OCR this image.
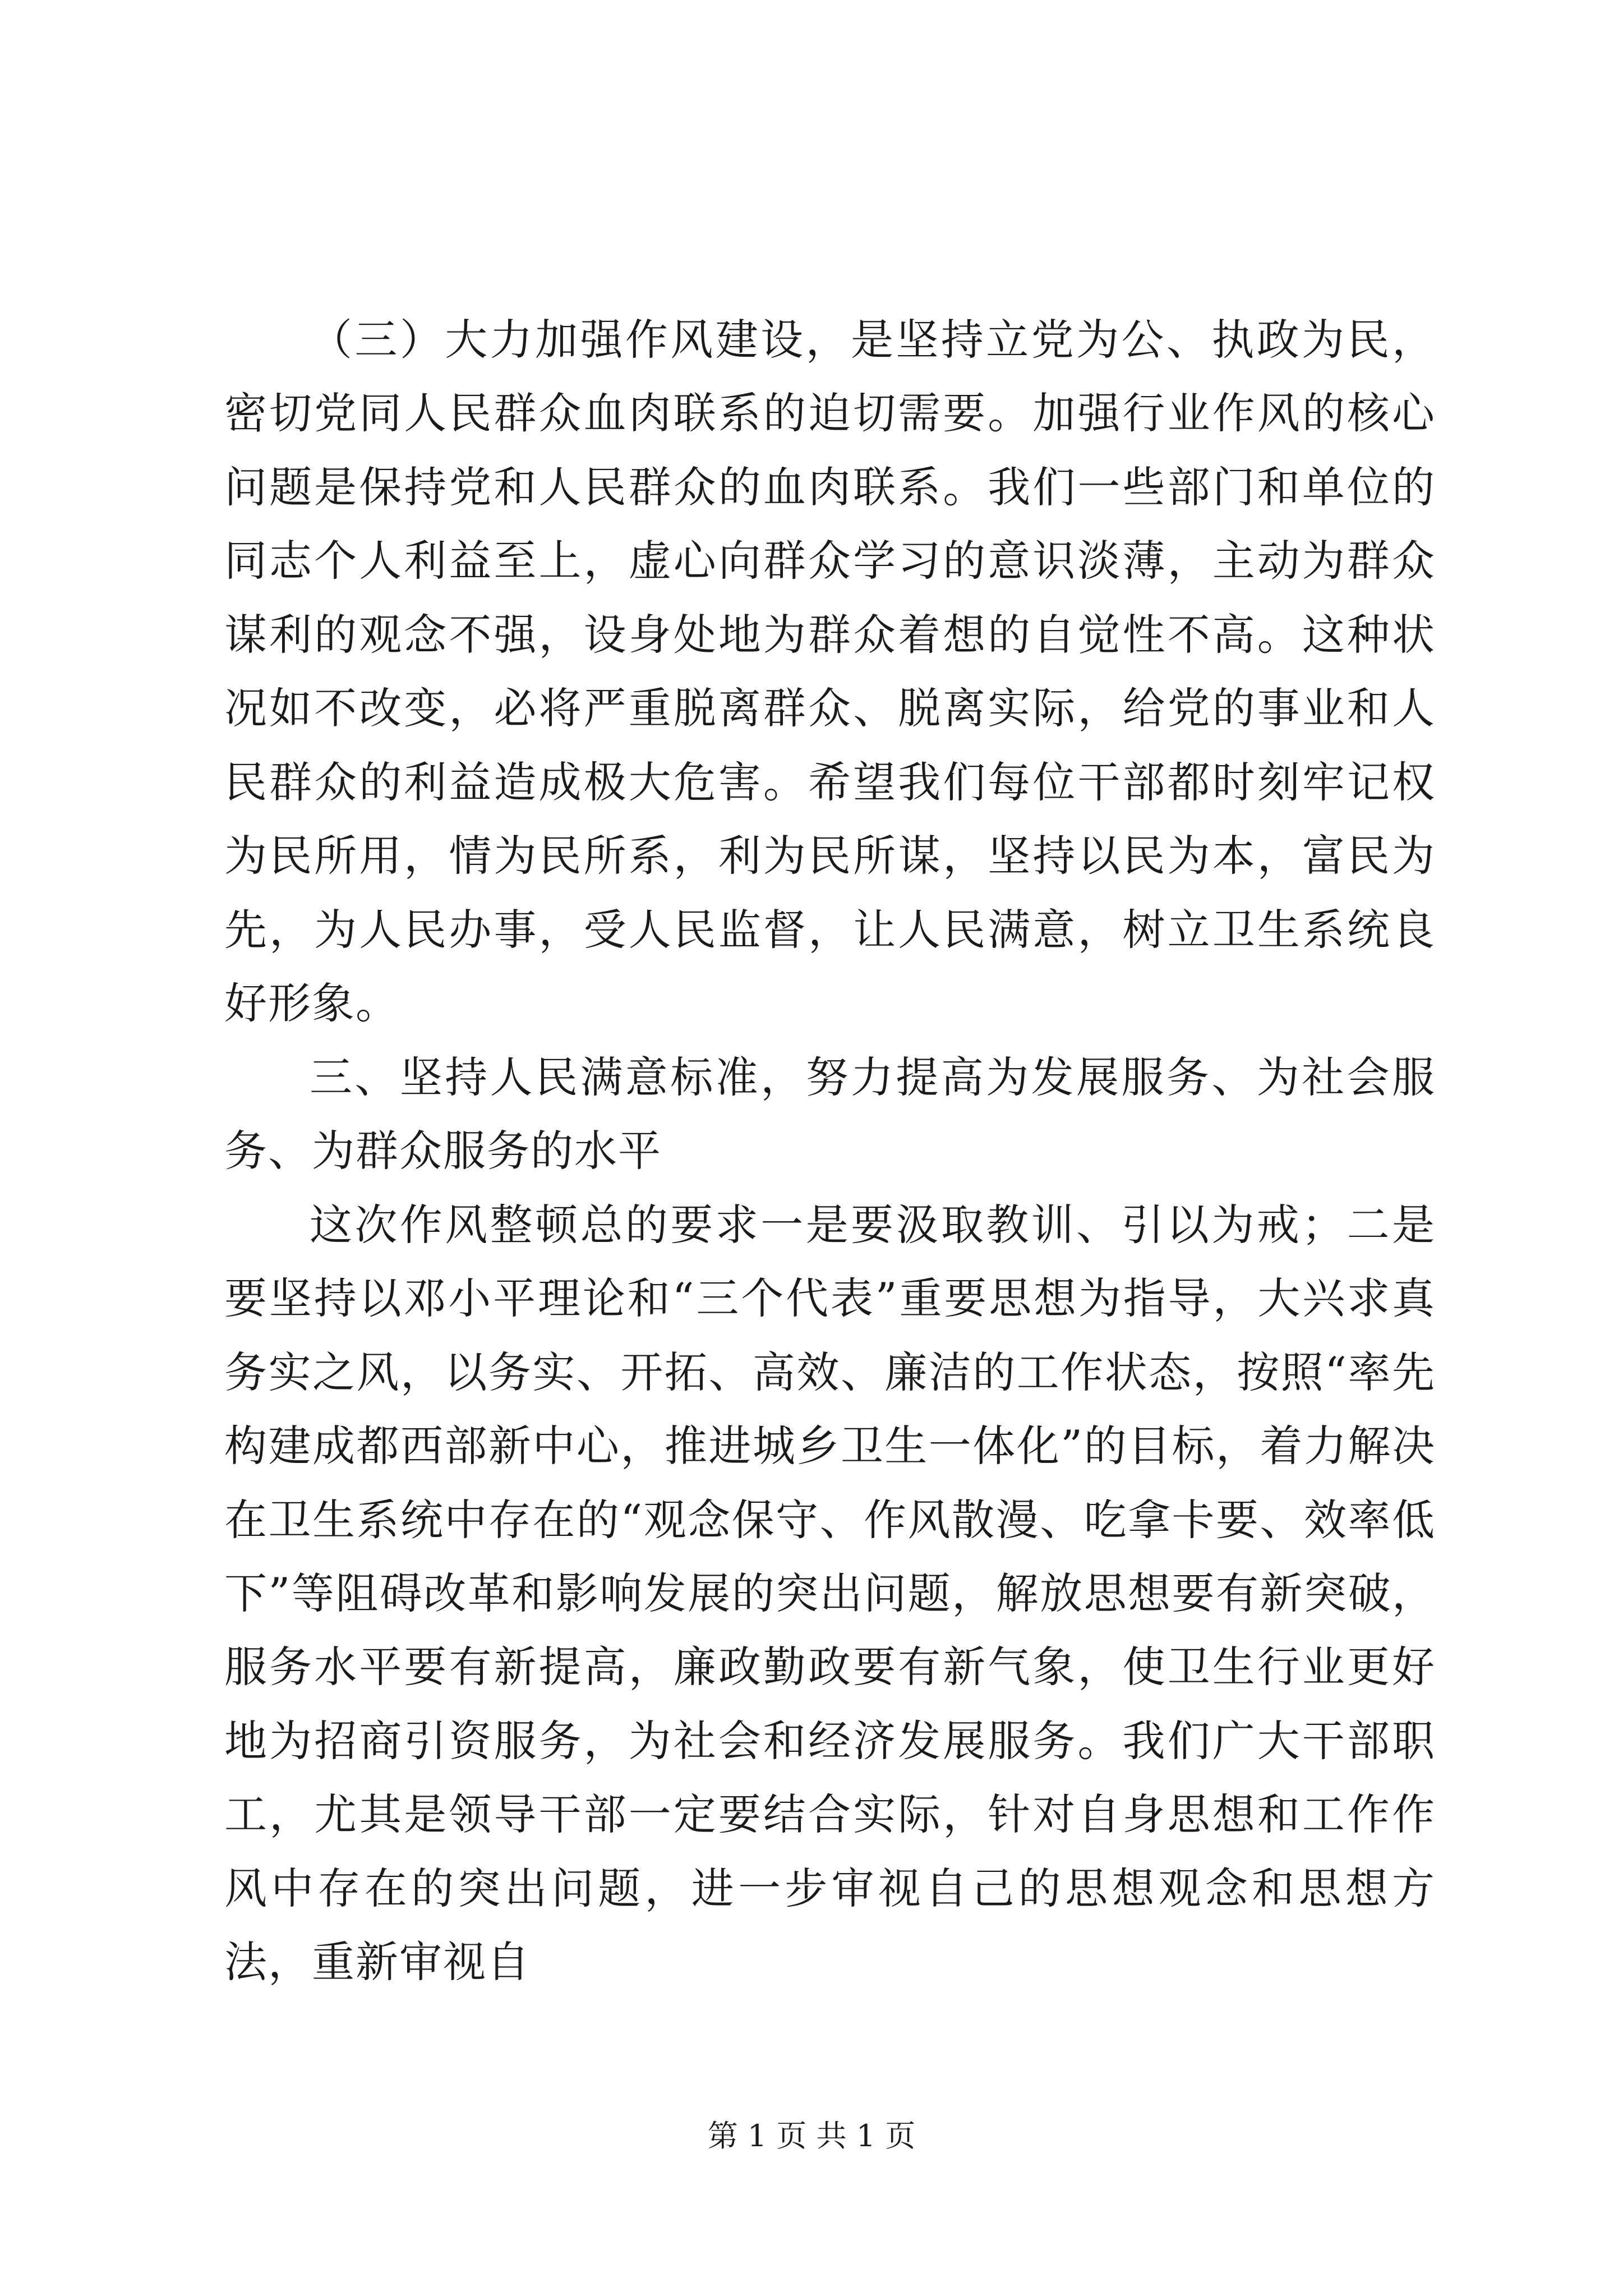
（三）大力加强作风建设，是坚持立党为公、执政为民，密切党同人民群众血肉联系的迫切需要。加强行业作风的核心问题是保持党和人民群众的血肉联系。我们一些部门和单位的同志个人利益至上，虚心向群众学习的意识淡薄，主动为群众谋利的观念不强，设身处地为群众着想的自觉性不高。这种状况如不改变，必将严重脱离群众、脱离实际，给党的事业和人民群众的利益造成极大危害。希望我们每位干部都时刻牢记权为民所用，情为民所系，利为民所谋，坚持以民为本，富民为先，为人民办事，受人民监督，让人民满意，树立卫生系统良好形象。

三、坚持人民满意标准，努力提高为发展服务、为社会服务、为群众服务的水平

这次作风整顿总的要求一是要汲取教训、引以为戒；二是要坚持以邓小平理论和“三个代表”重要思想为指导，大兴求真务实之风，以务实、开拓、高效、廉洁的工作状态，按照“率先构建成都西部新中心，推进城乡卫生一体化”的目标，着力解决在卫生系统中存在的“观念保守、作风散漫、吃拿卡要、效率低下”等阻碍改革和影响发展的突出问题，解放思想要有新突破，服务水平要有新提高，廉政勤政要有新气象，使卫生行业更好地为招商引资服务，为社会和经济发展服务。我们广大干部职工，尤其是领导干部一定要结合实际，针对自身思想和工作作风中存在的突出问题，进一步审视自己的思想观念和思想方法，重新审视自

第 1 页 共 1 页
